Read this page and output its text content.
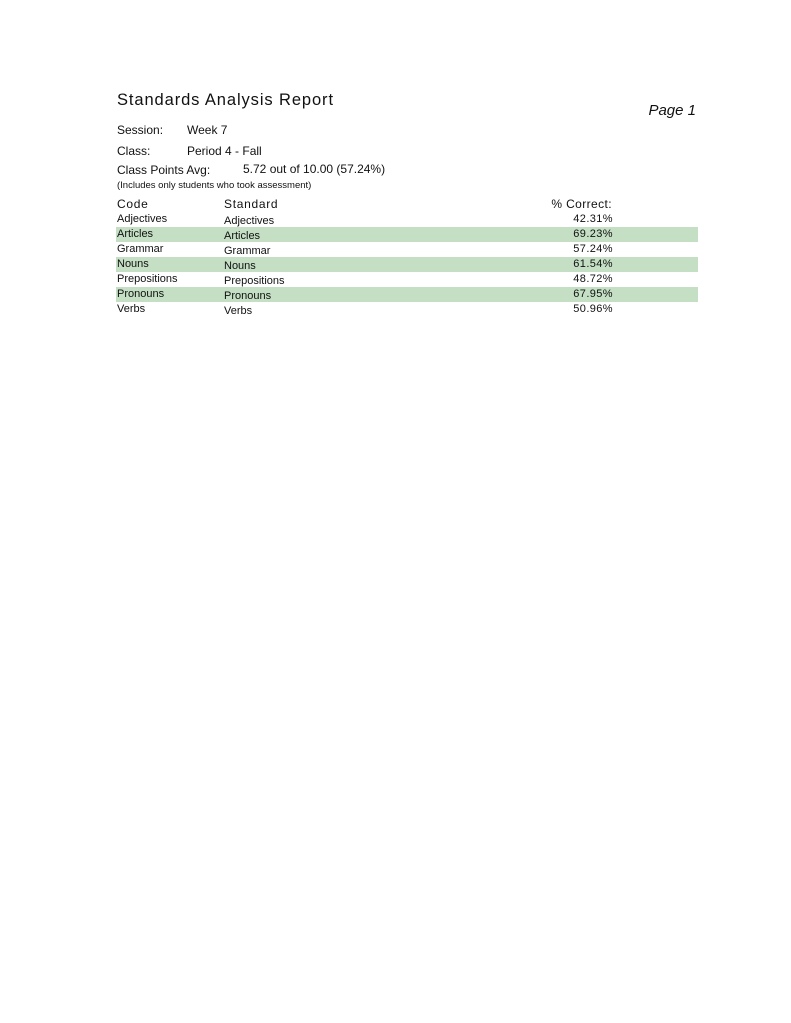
Standards Analysis Report
Page 1
Session: Week 7
Class:	Period 4 - Fall
Class Points Avg:	5.72 out of 10.00 (57.24%)
(Includes only students who took assessment)
Code	Standard	% Correct:
Adjectives	Adjectives	42.31%
Articles	Articles	69.23%
Grammar	Grammar	57.24%
Nouns	Nouns	61.54%
Prepositions	Prepositions	48.72%
Pronouns	Pronouns	67.95%
Verbs	Verbs	50.96%
